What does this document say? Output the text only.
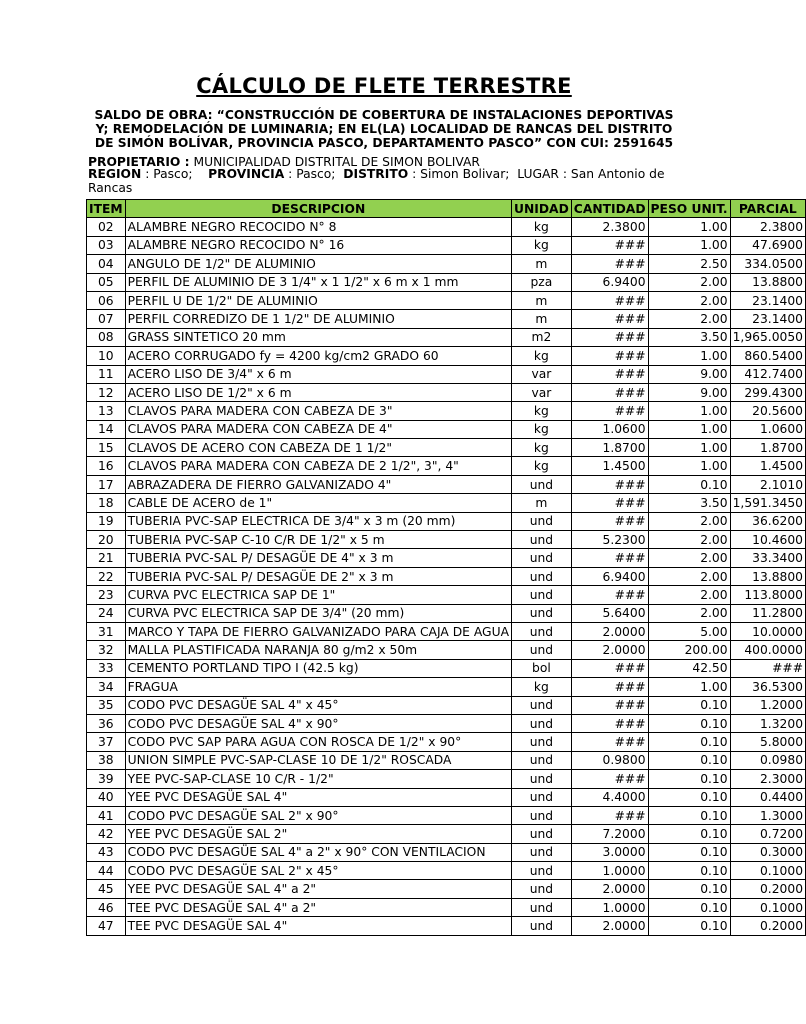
CÁLCULO DE FLETE TERRESTRE
SALDO DE OBRA: “CONSTRUCCIÓN DE COBERTURA DE INSTALACIONES DEPORTIVAS Y; REMODELACIÓN DE LUMINARIA; EN EL(LA) LOCALIDAD DE RANCAS DEL DISTRITO DE SIMÓN BOLÍVAR, PROVINCIA PASCO, DEPARTAMENTO PASCO” CON CUI: 2591645
PROPIETARIO : MUNICIPALIDAD DISTRITAL DE SIMON BOLIVAR
REGION : Pasco; PROVINCIA : Pasco; DISTRITO : Simon Bolivar; LUGAR : San Antonio de Rancas
ITEM	DESCRIPCION	UNIDAD	CANTIDAD	PESO UNIT.	PARCIAL
02	ALAMBRE NEGRO RECOCIDO N° 8	kg	2.3800	1.00	2.3800
03	ALAMBRE NEGRO RECOCIDO N° 16	kg	###	1.00	47.6900
04	ANGULO DE 1/2" DE ALUMINIO	m	###	2.50	334.0500
05	PERFIL DE ALUMINIO DE 3 1/4" x 1 1/2" x 6 m x 1 mm	pza	6.9400	2.00	13.8800
06	PERFIL U DE 1/2" DE ALUMINIO	m	###	2.00	23.1400
07	PERFIL CORREDIZO DE 1 1/2" DE ALUMINIO	m	###	2.00	23.1400
08	GRASS SINTETICO 20 mm	m2	###	3.50	1,965.0050
10	ACERO CORRUGADO fy = 4200 kg/cm2 GRADO 60	kg	###	1.00	860.5400
11	ACERO LISO DE 3/4" x 6 m	var	###	9.00	412.7400
12	ACERO LISO DE 1/2" x 6 m	var	###	9.00	299.4300
13	CLAVOS PARA MADERA CON CABEZA DE 3"	kg	###	1.00	20.5600
14	CLAVOS PARA MADERA CON CABEZA DE 4"	kg	1.0600	1.00	1.0600
15	CLAVOS DE ACERO CON CABEZA DE 1 1/2"	kg	1.8700	1.00	1.8700
16	CLAVOS PARA MADERA CON CABEZA DE 2 1/2", 3", 4"	kg	1.4500	1.00	1.4500
17	ABRAZADERA DE FIERRO GALVANIZADO 4"	und	###	0.10	2.1010
18	CABLE DE ACERO de 1"	m	###	3.50	1,591.3450
19	TUBERIA PVC-SAP ELECTRICA DE 3/4" x 3 m (20 mm)	und	###	2.00	36.6200
20	TUBERIA PVC-SAP C-10 C/R DE 1/2" x 5 m	und	5.2300	2.00	10.4600
21	TUBERIA PVC-SAL P/ DESAGÜE DE 4" x 3 m	und	###	2.00	33.3400
22	TUBERIA PVC-SAL P/ DESAGÜE DE 2" x 3 m	und	6.9400	2.00	13.8800
23	CURVA PVC ELECTRICA SAP DE 1"	und	###	2.00	113.8000
24	CURVA PVC ELECTRICA SAP DE 3/4" (20 mm)	und	5.6400	2.00	11.2800
31	MARCO Y TAPA DE FIERRO GALVANIZADO PARA CAJA DE AGUA	und	2.0000	5.00	10.0000
32	MALLA PLASTIFICADA NARANJA 80 g/m2 x 50m	und	2.0000	200.00	400.0000
33	CEMENTO PORTLAND TIPO I (42.5 kg)	bol	###	42.50	###
34	FRAGUA	kg	###	1.00	36.5300
35	CODO PVC DESAGÜE SAL 4" x 45°	und	###	0.10	1.2000
36	CODO PVC DESAGÜE SAL 4" x 90°	und	###	0.10	1.3200
37	CODO PVC SAP PARA AGUA CON ROSCA DE 1/2" x 90°	und	###	0.10	5.8000
38	UNION SIMPLE PVC-SAP-CLASE 10 DE 1/2" ROSCADA	und	0.9800	0.10	0.0980
39	YEE PVC-SAP-CLASE 10 C/R - 1/2"	und	###	0.10	2.3000
40	YEE PVC DESAGÜE SAL 4"	und	4.4000	0.10	0.4400
41	CODO PVC DESAGÜE SAL 2" x 90°	und	###	0.10	1.3000
42	YEE PVC DESAGÜE SAL 2"	und	7.2000	0.10	0.7200
43	CODO PVC DESAGÜE SAL 4" a 2" x 90° CON VENTILACION	und	3.0000	0.10	0.3000
44	CODO PVC DESAGÜE SAL 2" x 45°	und	1.0000	0.10	0.1000
45	YEE PVC DESAGÜE SAL 4" a 2"	und	2.0000	0.10	0.2000
46	TEE PVC DESAGÜE SAL 4" a 2"	und	1.0000	0.10	0.1000
47	TEE PVC DESAGÜE SAL 4"	und	2.0000	0.10	0.2000
